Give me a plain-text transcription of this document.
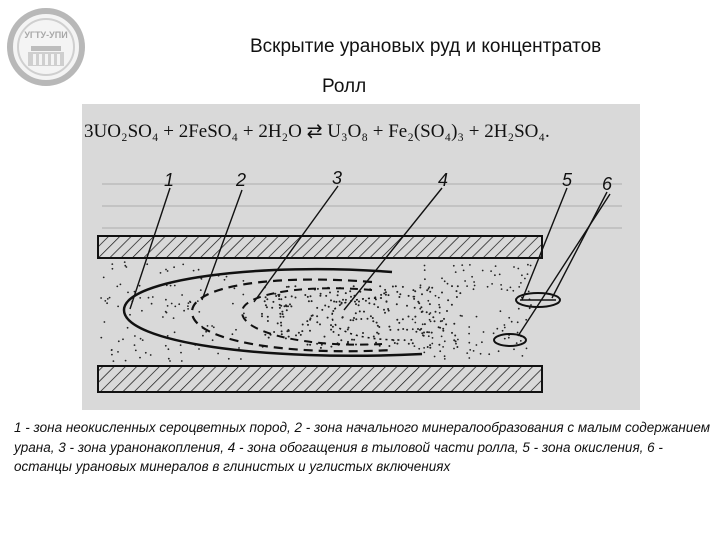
УГТУ-УПИ
Вскрытие урановых руд и концентратов
Ролл
3UO₂SO₄ + 2FeSO₄ + 2H₂O ⇄ U₃O₈ + Fe₂(SO₄)₃ + 2H₂SO₄.
1	2	3	4	5 6
1 - зона неокисленных сероцветных пород, 2 - зона начального минералообразования с малым содержанием урана, 3 - зона уранонакопления, 4 - зона обогащения в тыловой части ролла, 5 - зона окисления, 6 - останцы урановых минералов в глинистых и углистых включениях
